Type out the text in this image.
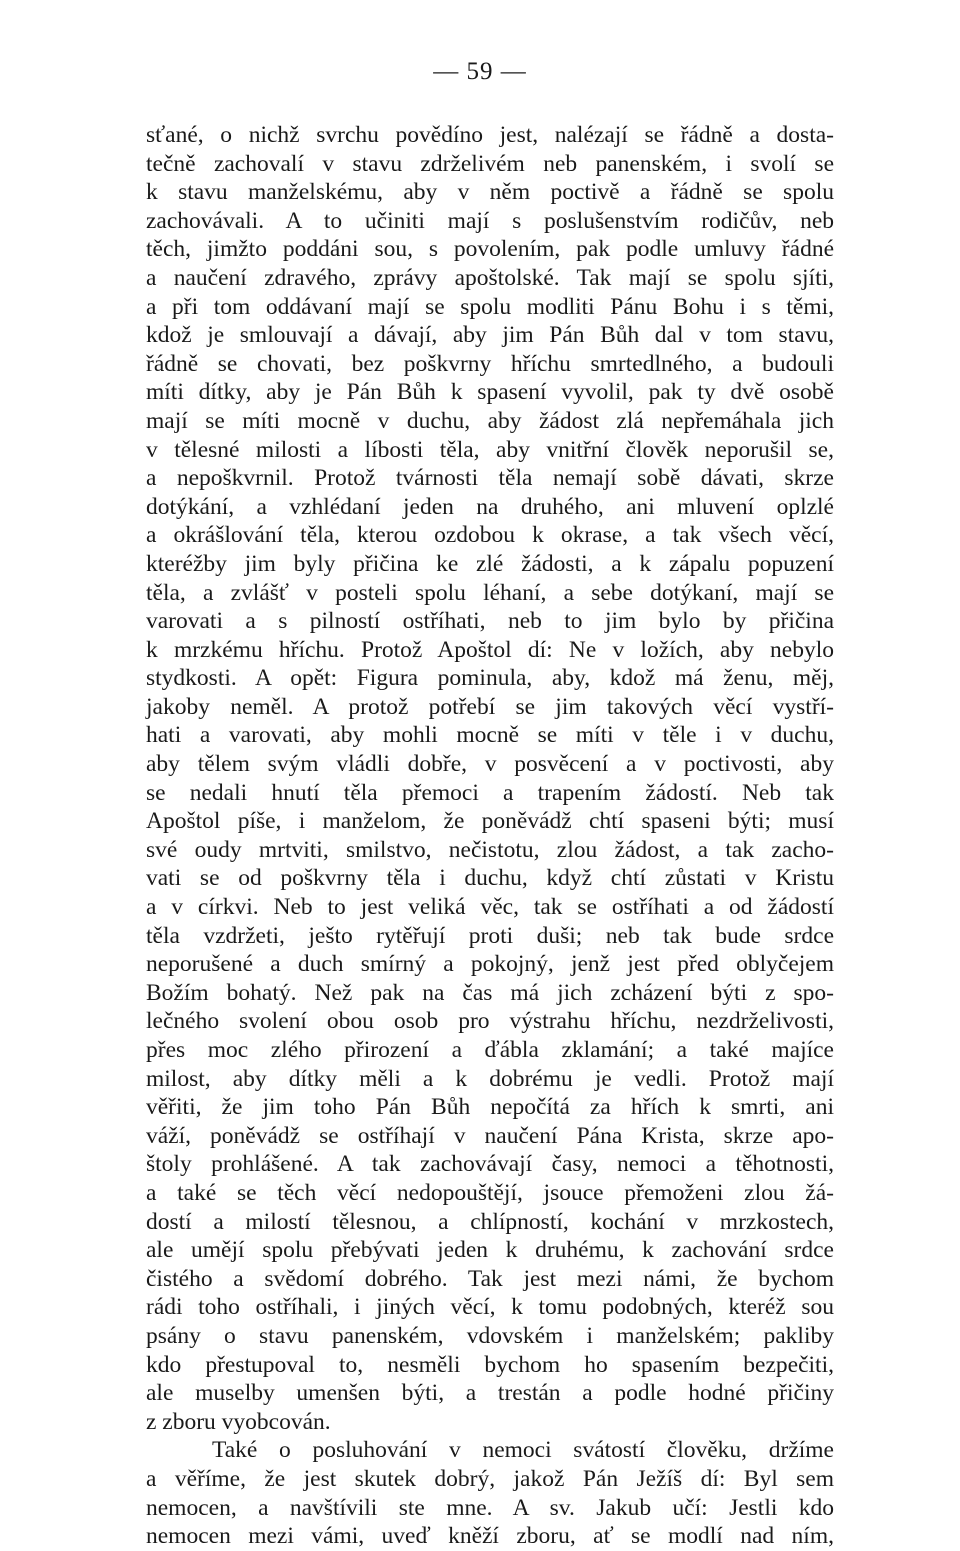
— 59 —
sťané, o nichž svrchu povědíno jest, nalézají se řádně a dosta-
tečně zachovalí v stavu zdrželivém neb panenském, i svolí se
k stavu manželskému, aby v něm poctivě a řádně se spolu
zachovávali. A to učiniti mají s poslušenstvím rodičův, neb
těch, jimžto poddáni sou, s povolením, pak podle umluvy řádné
a naučení zdravého, zprávy apoštolské. Tak mají se spolu sjíti,
a při tom oddávaní mají se spolu modliti Pánu Bohu i s těmi,
kdož je smlouvají a dávají, aby jim Pán Bůh dal v tom stavu,
řádně se chovati, bez poškvrny hříchu smrtedlného, a budouli
míti dítky, aby je Pán Bůh k spasení vyvolil, pak ty dvě osobě
mají se míti mocně v duchu, aby žádost zlá nepřemáhala jich
v tělesné milosti a líbosti těla, aby vnitřní člověk neporušil se,
a nepoškvrnil. Protož tvárnosti těla nemají sobě dávati, skrze
dotýkání, a vzhlédaní jeden na druhého, ani mluvení oplzlé
a okrášlování těla, kterou ozdobou k okrase, a tak všech věcí,
kteréžby jim byly přičina ke zlé žádosti, a k zápalu popuzení
těla, a zvlášť v posteli spolu léhaní, a sebe dotýkaní, mají se
varovati a s pilností ostříhati, neb to jim bylo by přičina
k mrzkému hříchu. Protož Apoštol dí: Ne v ložích, aby nebylo
stydkosti. A opět: Figura pominula, aby, kdož má ženu, měj,
jakoby neměl. A protož potřebí se jim takových věcí vystří-
hati a varovati, aby mohli mocně se míti v těle i v duchu,
aby tělem svým vládli dobře, v posvěcení a v poctivosti, aby
se nedali hnutí těla přemoci a trapením žádostí. Neb tak
Apoštol píše, i manželom, že poněvádž chtí spaseni býti; musí
své oudy mrtviti, smilstvo, nečistotu, zlou žádost, a tak zacho-
vati se od poškvrny těla i duchu, když chtí zůstati v Kristu
a v církvi. Neb to jest veliká věc, tak se ostříhati a od žádostí
těla vzdržeti, ješto rytěřují proti duši; neb tak bude srdce
neporušené a duch smírný a pokojný, jenž jest před oblyčejem
Božím bohatý. Než pak na čas má jich zcházení býti z spo-
lečného svolení obou osob pro výstrahu hříchu, nezdrželivosti,
přes moc zlého přirození a ďábla zklamání; a také majíce
milost, aby dítky měli a k dobrému je vedli. Protož mají
věřiti, že jim toho Pán Bůh nepočítá za hřích k smrti, ani
váží, poněvádž se ostříhají v naučení Pána Krista, skrze apo-
štoly prohlášené. A tak zachovávají časy, nemoci a těhotnosti,
a také se těch věcí nedopouštějí, jsouce přemoženi zlou žá-
dostí a milostí tělesnou, a chlípností, kochání v mrzkostech,
ale umějí spolu přebývati jeden k druhému, k zachování srdce
čistého a svědomí dobrého. Tak jest mezi námi, že bychom
rádi toho ostříhali, i jiných věcí, k tomu podobných, kteréž sou
psány o stavu panenském, vdovském i manželském; pakliby
kdo přestupoval to, nesměli bychom ho spasením bezpečiti,
ale muselby umenšen býti, a trestán a podle hodné přičiny
z zboru vyobcován.
Také o posluhování v nemoci svátostí člověku, držíme
a věříme, že jest skutek dobrý, jakož Pán Ježíš dí: Byl sem
nemocen, a navštívili ste mne. A sv. Jakub učí: Jestli kdo
nemocen mezi vámi, uveď kněží zboru, ať se modlí nad ním,
